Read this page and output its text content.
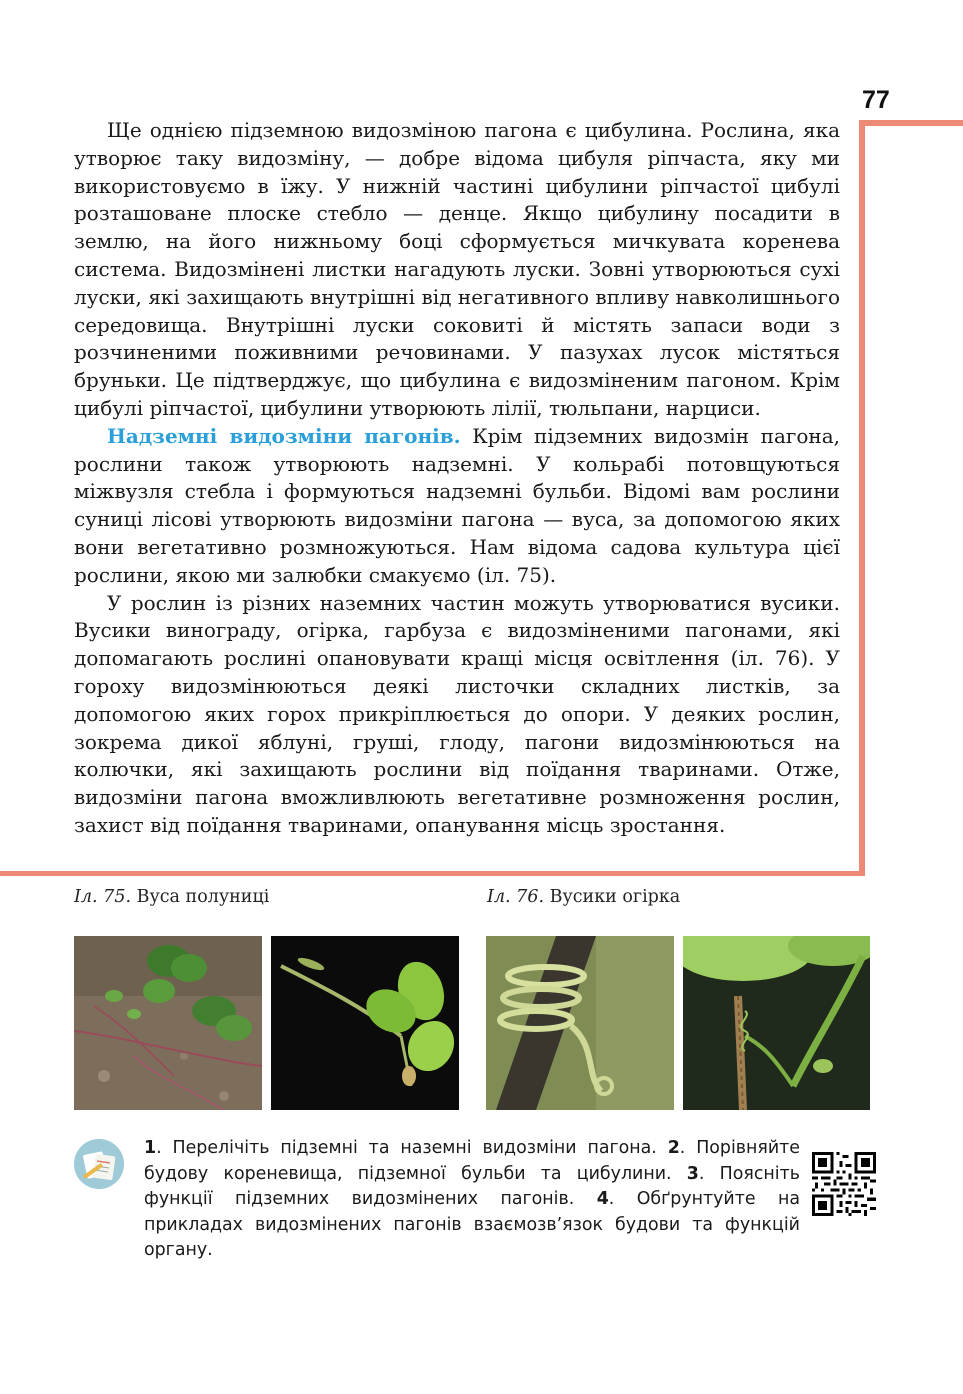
77

Ще однією підземною видозміною пагона є цибулина. Рослина, яка утворює таку видозміну, — добре відома цибуля ріпчаста, яку ми використовуємо в їжу. У нижній частині цибулини ріпчастої цибулі розташоване плоске стебло — денце. Якщо цибулину посадити в землю, на його нижньому боці сформується мичкувата коренева система. Видозмінені листки нагадують луски. Зовні утворюються сухі луски, які захищають внутрішні від негативного впливу навколишнього середовища. Внутрішні луски соковиті й містять запаси води з розчиненими поживними речовинами. У пазухах лусок містяться бруньки. Це підтверджує, що цибулина є видозміненим пагоном. Крім цибулі ріпчастої, цибулини утворюють лілії, тюльпани, нарциси.

Надземні видозміни пагонів. Крім підземних видозмін пагона, рослини також утворюють надземні. У кольрабі потовщуються міжвузля стебла і формуються надземні бульби. Відомі вам рослини суниці лісові утворюють видозміни пагона — вуса, за допомогою яких вони вегетативно розмножуються. Нам відома садова культура цієї рослини, якою ми залюбки смакуємо (іл. 75).

У рослин із різних наземних частин можуть утворюватися вусики. Вусики винограду, огірка, гарбуза є видозміненими пагонами, які допомагають рослині опановувати кращі місця освітлення (іл. 76). У гороху видозмінюються деякі листочки складних листків, за допомогою яких горох прикріплюється до опори. У деяких рослин, зокрема дикої яблуні, груші, глоду, пагони видозмінюються на колючки, які захищають рослини від поїдання тваринами. Отже, видозміни пагона вможливлюють вегетативне розмноження рослин, захист від поїдання тваринами, опанування місць зростання.

Іл. 75. Вуса полуниці	Іл. 76. Вусики огірка
1. Перелічіть підземні та наземні видозміни пагона. 2. Порівняйте будову кореневища, підземної бульби та цибулини. 3. Поясніть функції підземних видозмінених пагонів. 4. Обґрунтуйте на прикладах видозмінених пагонів взаємозв’язок будови та функцій органу.
